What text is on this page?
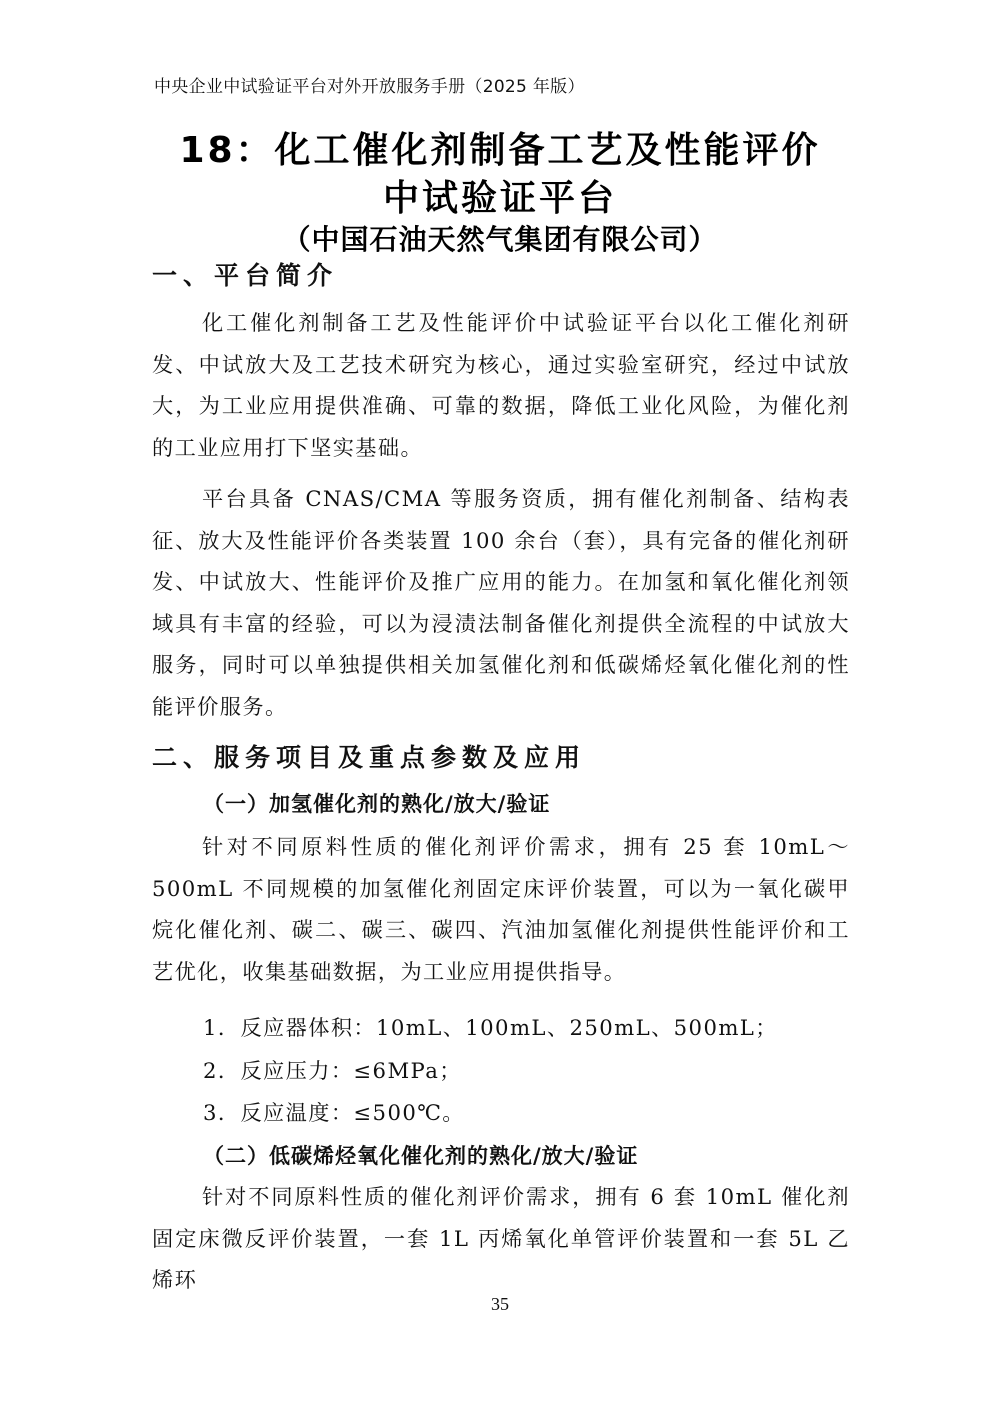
中央企业中试验证平台对外开放服务手册（2025 年版）
18：化工催化剂制备工艺及性能评价
中试验证平台
（中国石油天然气集团有限公司）
一、平台简介

化工催化剂制备工艺及性能评价中试验证平台以化工催化剂研发、中试放大及工艺技术研究为核心，通过实验室研究，经过中试放大，为工业应用提供准确、可靠的数据，降低工业化风险，为催化剂的工业应用打下坚实基础。

平台具备 CNAS/CMA 等服务资质，拥有催化剂制备、结构表征、放大及性能评价各类装置 100 余台（套），具有完备的催化剂研发、中试放大、性能评价及推广应用的能力。在加氢和氧化催化剂领域具有丰富的经验，可以为浸渍法制备催化剂提供全流程的中试放大服务，同时可以单独提供相关加氢催化剂和低碳烯烃氧化催化剂的性能评价服务。

二、服务项目及重点参数及应用
（一）加氢催化剂的熟化/放大/验证

针对不同原料性质的催化剂评价需求，拥有 25 套 10mL～500mL 不同规模的加氢催化剂固定床评价装置，可以为一氧化碳甲烷化催化剂、碳二、碳三、碳四、汽油加氢催化剂提供性能评价和工艺优化，收集基础数据，为工业应用提供指导。

1．反应器体积：10mL、100mL、250mL、500mL；
2．反应压力：≤6MPa；
3．反应温度：≤500℃。
（二）低碳烯烃氧化催化剂的熟化/放大/验证

针对不同原料性质的催化剂评价需求，拥有 6 套 10mL 催化剂固定床微反评价装置，一套 1L 丙烯氧化单管评价装置和一套 5L 乙烯环

35
